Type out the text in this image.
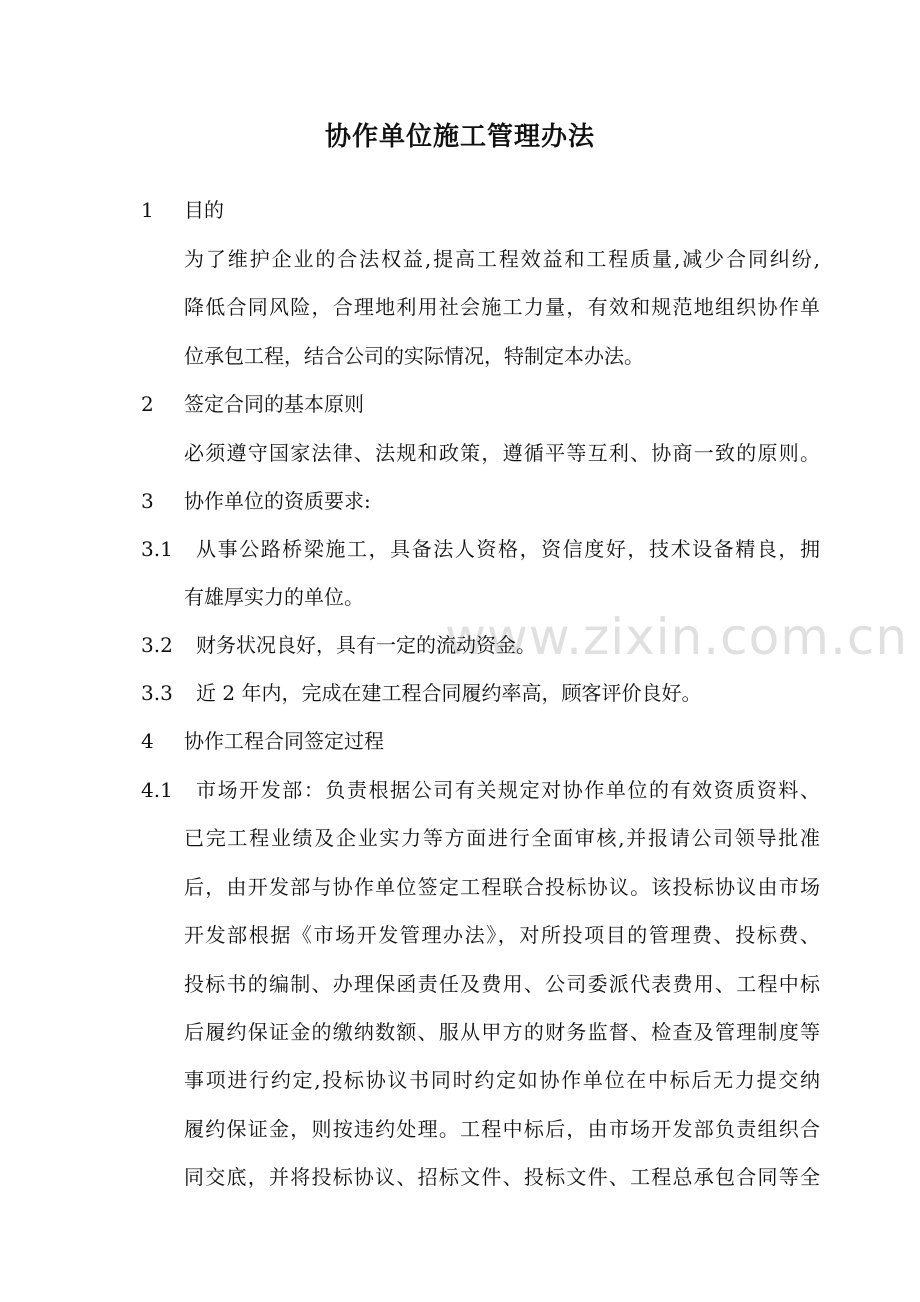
www.zixin.com.cn
协作单位施工管理办法
1 目的
为了维护企业的合法权益,提高工程效益和工程质量,减少合同纠纷,
降低合同风险，合理地利用社会施工力量，有效和规范地组织协作单
位承包工程，结合公司的实际情况，特制定本办法。
2 签定合同的基本原则
必须遵守国家法律、法规和政策，遵循平等互利、协商一致的原则。
3 协作单位的资质要求:
3.1 从事公路桥梁施工，具备法人资格，资信度好，技术设备精良，拥
有雄厚实力的单位。
3.2 财务状况良好，具有一定的流动资金。
3.3 近 2 年内，完成在建工程合同履约率高，顾客评价良好。
4 协作工程合同签定过程
4.1 市场开发部：负责根据公司有关规定对协作单位的有效资质资料、
已完工程业绩及企业实力等方面进行全面审核,并报请公司领导批准
后，由开发部与协作单位签定工程联合投标协议。该投标协议由市场
开发部根据《市场开发管理办法》，对所投项目的管理费、投标费、
投标书的编制、办理保函责任及费用、公司委派代表费用、工程中标
后履约保证金的缴纳数额、服从甲方的财务监督、检查及管理制度等
事项进行约定,投标协议书同时约定如协作单位在中标后无力提交纳
履约保证金，则按违约处理。工程中标后，由市场开发部负责组织合
同交底，并将投标协议、招标文件、投标文件、工程总承包合同等全
